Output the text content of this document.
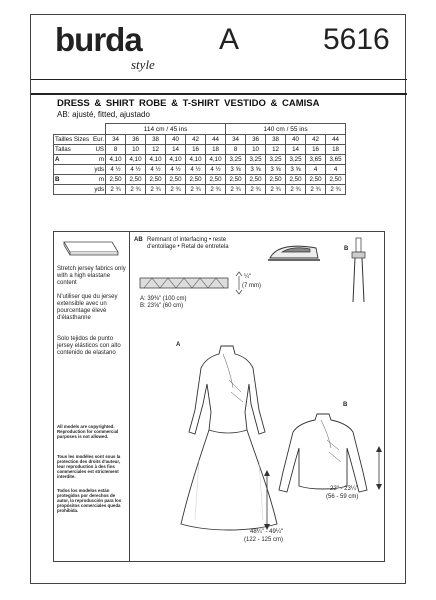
burda
style
A	5616
DRESS & SHIRT ROBE & T-SHIRT VESTIDO & CAMISA
AB: ajusté, fitted, ajustado
		114 cm / 45 ins						140 cm / 55 ins					
Tailles Sizes	Eur.	34	36	38	40	42	44	34	36	38	40	42	44
Tallas	US	8	10	12	14	16	18	8	10	12	14	16	18
A	m	4,10	4,10	4,10	4,10	4,10	4,10	3,25	3,25	3,25	3,25	3,65	3,65
	yds	4 ½	4 ½	4 ½	4 ½	4 ½	4 ½	3 ⅝	3 ⅝	3 ⅝	3 ⅝	4	4
B	m	2,50	2,50	2,50	2,50	2,50	2,50	2,50	2,50	2,50	2,50	2,50	2,50
	yds	2 ¾	2 ¾	2 ¾	2 ¾	2 ¾	2 ¾	2 ¾	2 ¾	2 ¾	2 ¾	2 ¾	2 ¾
Stretch jersey fabrics only with a high elastane content
N'utiliser que du jersey extensible avec un pourcentage élevé d'élasthanne
Solo tejidos de punto jersey elásticos con alto contenido de elastano
All models are copyrighted. Reproduction for commercial purposes is not allowed.
Tous les modèles sont sous la protection des droits d'auteur, leur reproduction à des fins commerciales est strictement interdite.
Todos los modelos están protegidos por derechos de autor, la reproducción para los propósitos comerciales queda prohibida.
AB Remnant of interfacing • reste
d'entoilage • Retal de entretela
¼"
(7 mm)
A: 39⅜" (100 cm)
B: 23⅝" (60 cm)
B
A
48¼" - 49¼"
(122 - 125 cm)
B
22" - 23¼"
(56 - 59 cm)
